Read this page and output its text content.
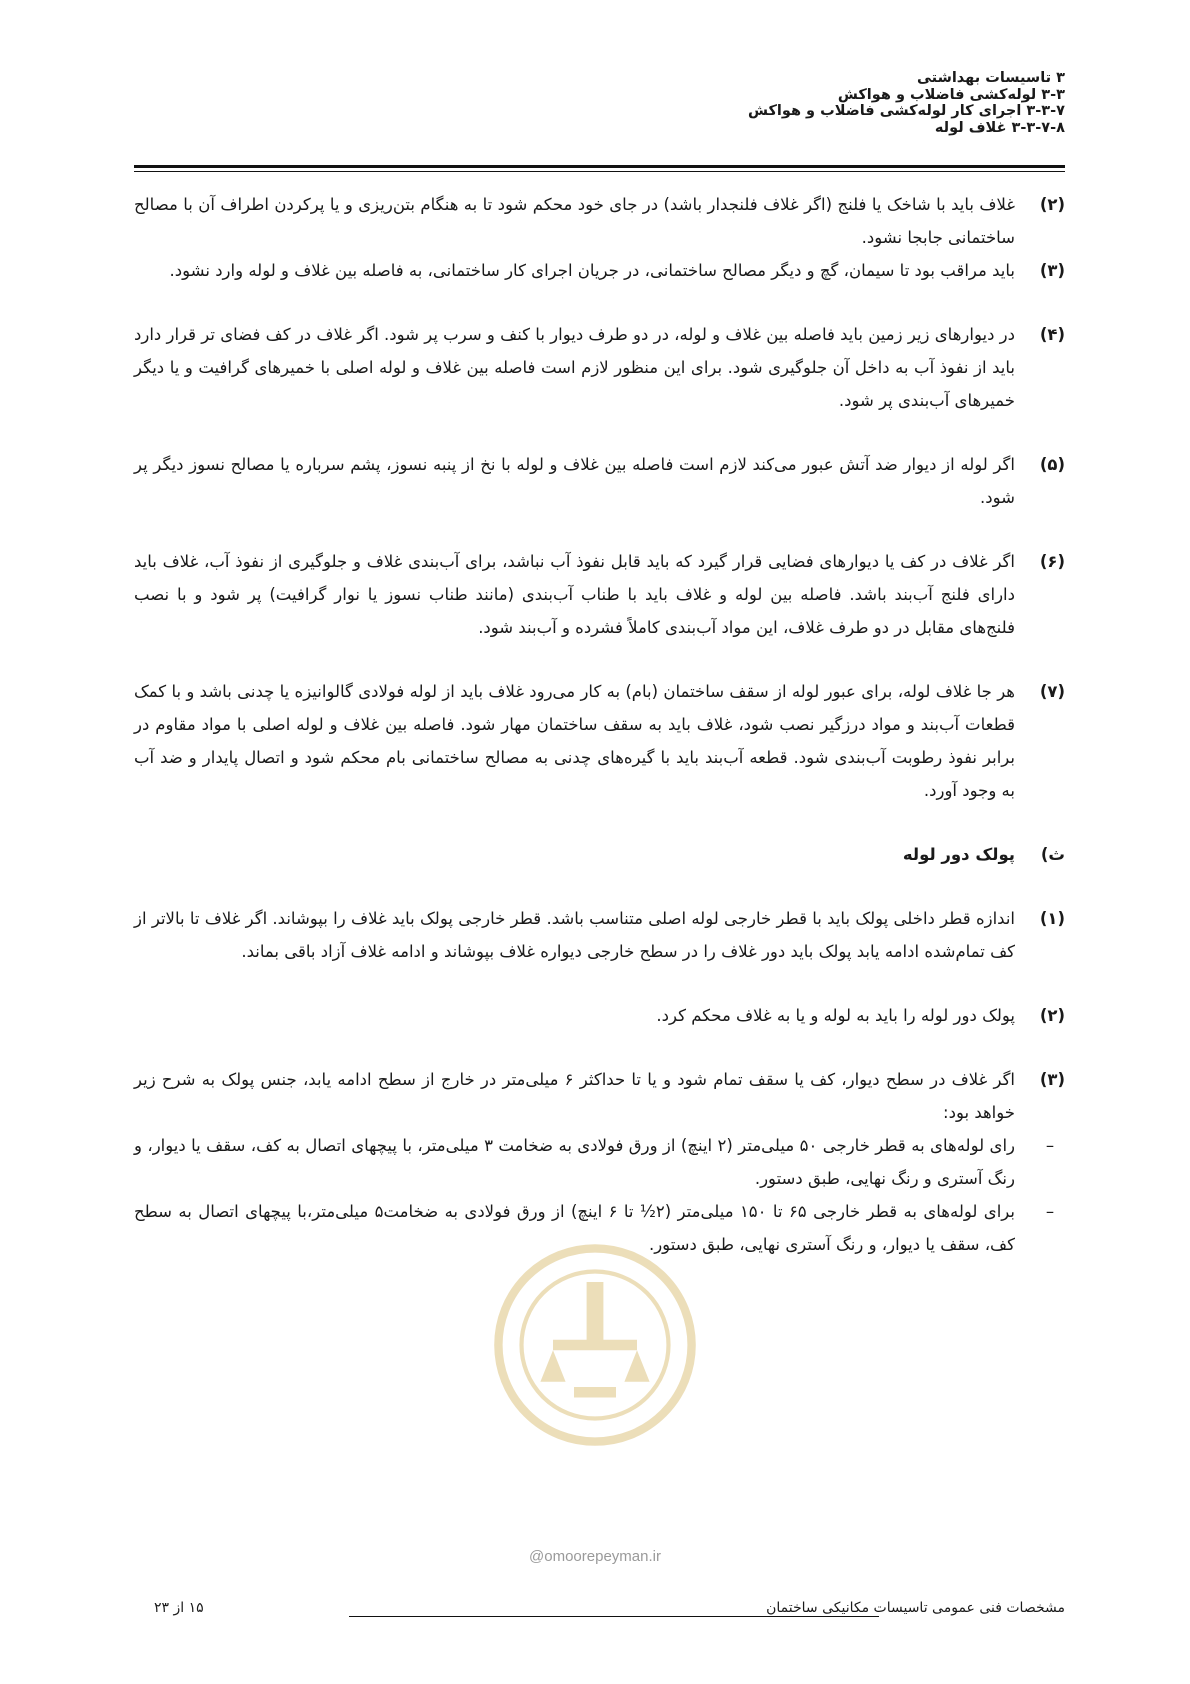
۳ تاسیسات بهداشتی
۳-۳ لوله‌کشی فاضلاب و هواکش
۳-۳-۷ اجرای کار لوله‌کشی فاضلاب و هواکش
۳-۳-۷-۸ غلاف لوله
(۲)
غلاف باید با شاخک یا فلنج (اگر غلاف فلنجدار باشد) در جای خود محکم شود تا به هنگام بتن‌ریزی و یا پرکردن اطراف آن با مصالح ساختمانی جابجا نشود.
(۳)
باید مراقب بود تا سیمان، گچ و دیگر مصالح ساختمانی، در جریان اجرای کار ساختمانی، به فاصله بین غلاف و لوله وارد نشود.
(۴)
در دیوارهای زیر زمین باید فاصله بین غلاف و لوله، در دو طرف دیوار با کنف و سرب پر شود. اگر غلاف در کف فضای تر قرار دارد باید از نفوذ آب به داخل آن جلوگیری شود. برای این منظور لازم است فاصله بین غلاف و لوله اصلی با خمیرهای گرافیت و یا دیگر خمیرهای آب‌بندی پر شود.
(۵)
اگر لوله از دیوار ضد آتش عبور می‌کند لازم است فاصله بین غلاف و لوله با نخ از پنبه نسوز، پشم سرباره یا مصالح نسوز دیگر پر شود.
(۶)
اگر غلاف در کف یا دیوارهای فضایی قرار گیرد که باید قابل نفوذ آب نباشد، برای آب‌بندی غلاف و جلوگیری از نفوذ آب، غلاف باید دارای فلنج آب‌بند باشد. فاصله بین لوله و غلاف باید با طناب آب‌بندی (مانند طناب نسوز یا نوار گرافیت) پر شود و با نصب فلنج‌های مقابل در دو طرف غلاف، این مواد آب‌بندی کاملاً فشرده و آب‌بند شود.
(۷)
هر جا غلاف لوله، برای عبور لوله از سقف ساختمان (بام) به کار می‌رود غلاف باید از لوله فولادی گالوانیزه یا چدنی باشد و با کمک قطعات آب‌بند و مواد درزگیر نصب شود، غلاف باید به سقف ساختمان مهار شود. فاصله بین غلاف و لوله اصلی با مواد مقاوم در برابر نفوذ رطوبت آب‌بندی شود. قطعه آب‌بند باید با گیره‌های چدنی به مصالح ساختمانی بام محکم شود و اتصال پایدار و ضد آب به وجود آورد.
ث)
پولک دور لوله
(۱)
اندازه قطر داخلی پولک باید با قطر خارجی لوله اصلی متناسب باشد. قطر خارجی پولک باید غلاف را بپوشاند. اگر غلاف تا بالاتر از کف تمام‌شده ادامه یابد پولک باید دور غلاف را در سطح خارجی دیواره غلاف بپوشاند و ادامه غلاف آزاد باقی بماند.
(۲)
پولک دور لوله را باید به لوله و یا به غلاف محکم کرد.
(۳)
اگر غلاف در سطح دیوار، کف یا سقف تمام شود و یا تا حداکثر ۶ میلی‌متر در خارج از سطح ادامه یابد، جنس پولک به شرح زیر خواهد بود:
–
رای لوله‌های به قطر خارجی ۵۰ میلی‌متر (۲ اینچ) از ورق فولادی به ضخامت ۳ میلی‌متر، با پیچهای اتصال به کف، سقف یا دیوار، و رنگ آستری و رنگ نهایی، طبق دستور.
–
برای لوله‌های به قطر خارجی ۶۵ تا ۱۵۰ میلی‌متر (۲½ تا ۶ اینچ) از ورق فولادی به ضخامت۵ میلی‌متر،با پیچهای اتصال به سطح کف، سقف یا دیوار، و رنگ آستری نهایی، طبق دستور.
@omoorepeyman.ir
مشخصات فنی عمومی تاسیسات مکانیکی ساختمان
۱۵ از ۲۳
